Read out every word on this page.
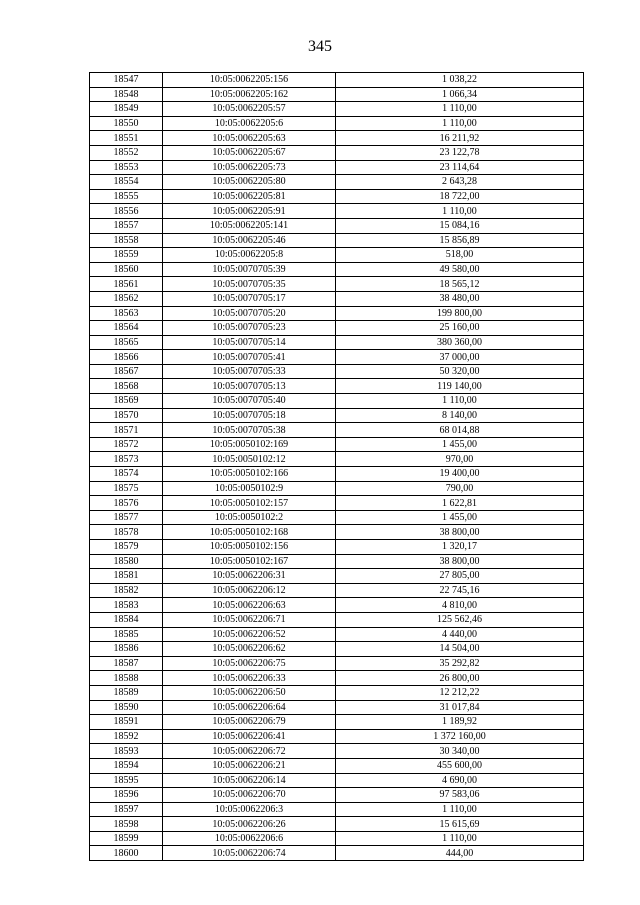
345
18547	10:05:0062205:156	1 038,22
18548	10:05:0062205:162	1 066,34
18549	10:05:0062205:57	1 110,00
18550	10:05:0062205:6	1 110,00
18551	10:05:0062205:63	16 211,92
18552	10:05:0062205:67	23 122,78
18553	10:05:0062205:73	23 114,64
18554	10:05:0062205:80	2 643,28
18555	10:05:0062205:81	18 722,00
18556	10:05:0062205:91	1 110,00
18557	10:05:0062205:141	15 084,16
18558	10:05:0062205:46	15 856,89
18559	10:05:0062205:8	518,00
18560	10:05:0070705:39	49 580,00
18561	10:05:0070705:35	18 565,12
18562	10:05:0070705:17	38 480,00
18563	10:05:0070705:20	199 800,00
18564	10:05:0070705:23	25 160,00
18565	10:05:0070705:14	380 360,00
18566	10:05:0070705:41	37 000,00
18567	10:05:0070705:33	50 320,00
18568	10:05:0070705:13	119 140,00
18569	10:05:0070705:40	1 110,00
18570	10:05:0070705:18	8 140,00
18571	10:05:0070705:38	68 014,88
18572	10:05:0050102:169	1 455,00
18573	10:05:0050102:12	970,00
18574	10:05:0050102:166	19 400,00
18575	10:05:0050102:9	790,00
18576	10:05:0050102:157	1 622,81
18577	10:05:0050102:2	1 455,00
18578	10:05:0050102:168	38 800,00
18579	10:05:0050102:156	1 320,17
18580	10:05:0050102:167	38 800,00
18581	10:05:0062206:31	27 805,00
18582	10:05:0062206:12	22 745,16
18583	10:05:0062206:63	4 810,00
18584	10:05:0062206:71	125 562,46
18585	10:05:0062206:52	4 440,00
18586	10:05:0062206:62	14 504,00
18587	10:05:0062206:75	35 292,82
18588	10:05:0062206:33	26 800,00
18589	10:05:0062206:50	12 212,22
18590	10:05:0062206:64	31 017,84
18591	10:05:0062206:79	1 189,92
18592	10:05:0062206:41	1 372 160,00
18593	10:05:0062206:72	30 340,00
18594	10:05:0062206:21	455 600,00
18595	10:05:0062206:14	4 690,00
18596	10:05:0062206:70	97 583,06
18597	10:05:0062206:3	1 110,00
18598	10:05:0062206:26	15 615,69
18599	10:05:0062206:6	1 110,00
18600	10:05:0062206:74	444,00
